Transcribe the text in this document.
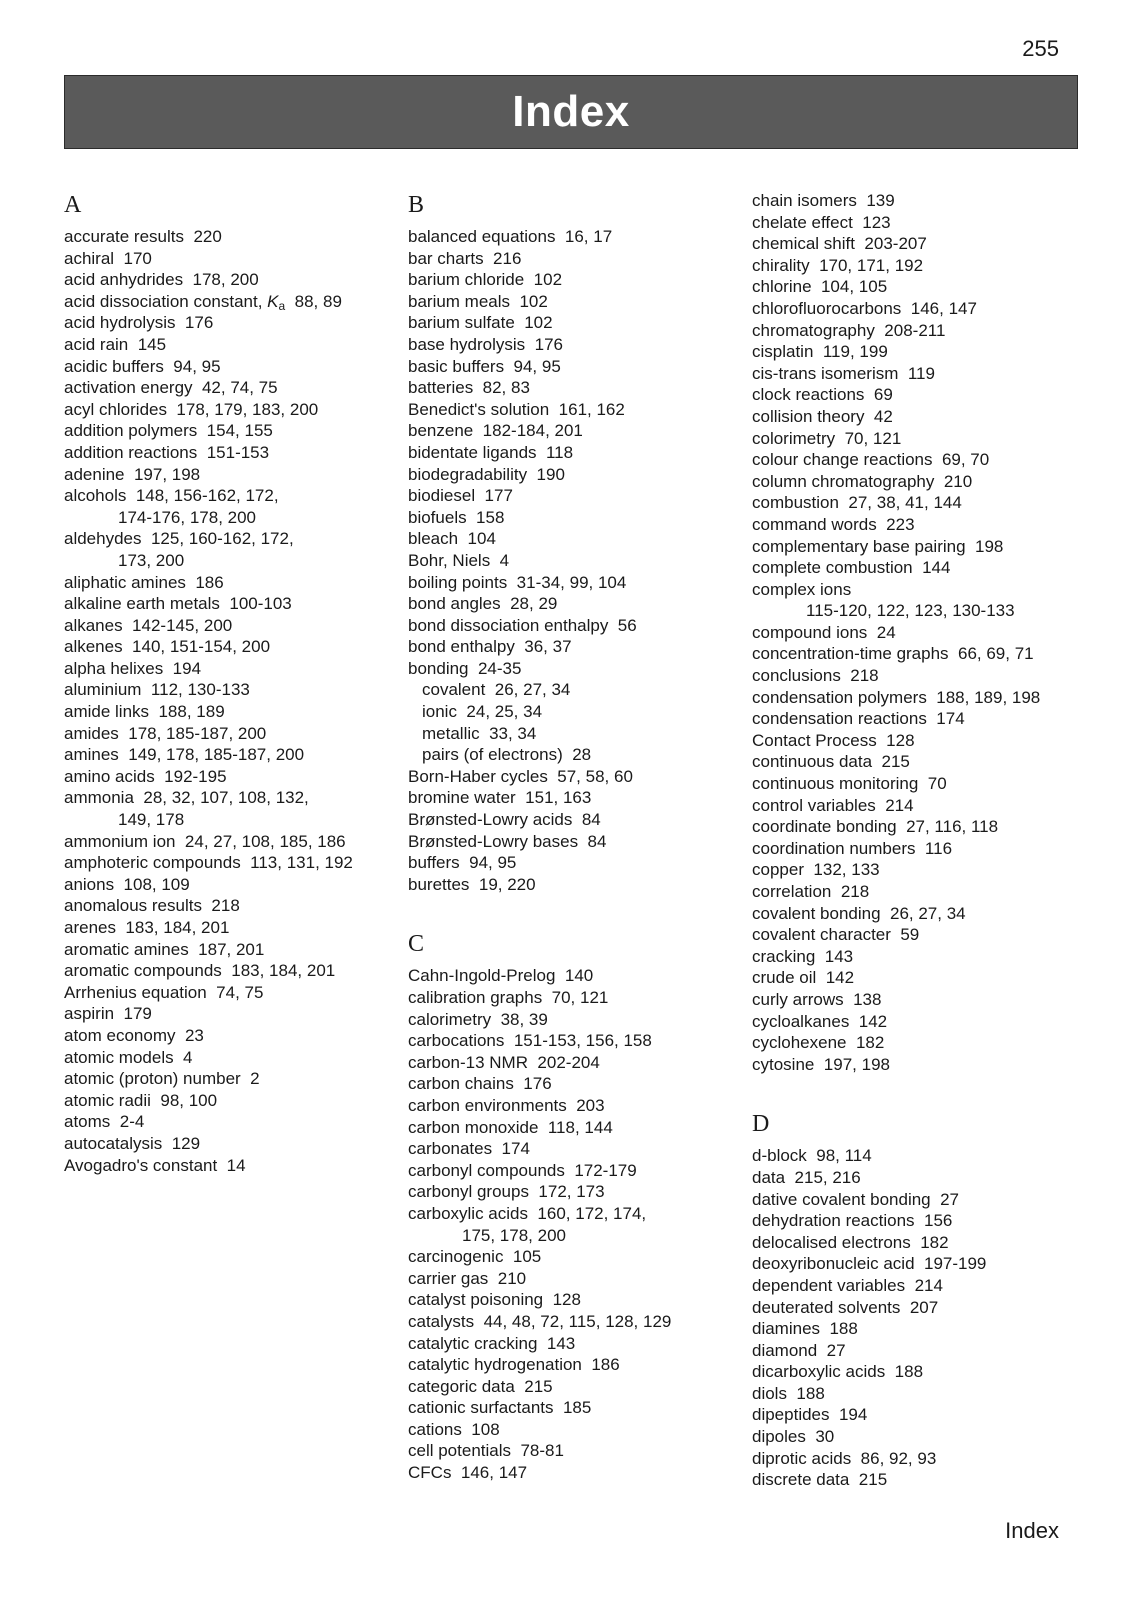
255
Index
A
accurate results  220
achiral  170
acid anhydrides  178, 200
acid dissociation constant, $K_a$  88, 89
acid hydrolysis  176
acid rain  145
acidic buffers  94, 95
activation energy  42, 74, 75
acyl chlorides  178, 179, 183, 200
addition polymers  154, 155
addition reactions  151-153
adenine  197, 198
alcohols  148, 156-162, 172,
174-176, 178, 200
aldehydes  125, 160-162, 172,
173, 200
aliphatic amines  186
alkaline earth metals  100-103
alkanes  142-145, 200
alkenes  140, 151-154, 200
alpha helixes  194
aluminium  112, 130-133
amide links  188, 189
amides  178, 185-187, 200
amines  149, 178, 185-187, 200
amino acids  192-195
ammonia  28, 32, 107, 108, 132,
149, 178
ammonium ion  24, 27, 108, 185, 186
amphoteric compounds  113, 131, 192
anions  108, 109
anomalous results  218
arenes  183, 184, 201
aromatic amines  187, 201
aromatic compounds  183, 184, 201
Arrhenius equation  74, 75
aspirin  179
atom economy  23
atomic models  4
atomic (proton) number  2
atomic radii  98, 100
atoms  2-4
autocatalysis  129
Avogadro's constant  14
B
balanced equations  16, 17
bar charts  216
barium chloride  102
barium meals  102
barium sulfate  102
base hydrolysis  176
basic buffers  94, 95
batteries  82, 83
Benedict's solution  161, 162
benzene  182-184, 201
bidentate ligands  118
biodegradability  190
biodiesel  177
biofuels  158
bleach  104
Bohr, Niels  4
boiling points  31-34, 99, 104
bond angles  28, 29
bond dissociation enthalpy  56
bond enthalpy  36, 37
bonding  24-35
covalent  26, 27, 34
ionic  24, 25, 34
metallic  33, 34
pairs (of electrons)  28
Born-Haber cycles  57, 58, 60
bromine water  151, 163
Brønsted-Lowry acids  84
Brønsted-Lowry bases  84
buffers  94, 95
burettes  19, 220
C
Cahn-Ingold-Prelog  140
calibration graphs  70, 121
calorimetry  38, 39
carbocations  151-153, 156, 158
carbon-13 NMR  202-204
carbon chains  176
carbon environments  203
carbon monoxide  118, 144
carbonates  174
carbonyl compounds  172-179
carbonyl groups  172, 173
carboxylic acids  160, 172, 174,
175, 178, 200
carcinogenic  105
carrier gas  210
catalyst poisoning  128
catalysts  44, 48, 72, 115, 128, 129
catalytic cracking  143
catalytic hydrogenation  186
categoric data  215
cationic surfactants  185
cations  108
cell potentials  78-81
CFCs  146, 147
chain isomers  139
chelate effect  123
chemical shift  203-207
chirality  170, 171, 192
chlorine  104, 105
chlorofluorocarbons  146, 147
chromatography  208-211
cisplatin  119, 199
cis-trans isomerism  119
clock reactions  69
collision theory  42
colorimetry  70, 121
colour change reactions  69, 70
column chromatography  210
combustion  27, 38, 41, 144
command words  223
complementary base pairing  198
complete combustion  144
complex ions
115-120, 122, 123, 130-133
compound ions  24
concentration-time graphs  66, 69, 71
conclusions  218
condensation polymers  188, 189, 198
condensation reactions  174
Contact Process  128
continuous data  215
continuous monitoring  70
control variables  214
coordinate bonding  27, 116, 118
coordination numbers  116
copper  132, 133
correlation  218
covalent bonding  26, 27, 34
covalent character  59
cracking  143
crude oil  142
curly arrows  138
cycloalkanes  142
cyclohexene  182
cytosine  197, 198
D
d-block  98, 114
data  215, 216
dative covalent bonding  27
dehydration reactions  156
delocalised electrons  182
deoxyribonucleic acid  197-199
dependent variables  214
deuterated solvents  207
diamines  188
diamond  27
dicarboxylic acids  188
diols  188
dipeptides  194
dipoles  30
diprotic acids  86, 92, 93
discrete data  215
Index
